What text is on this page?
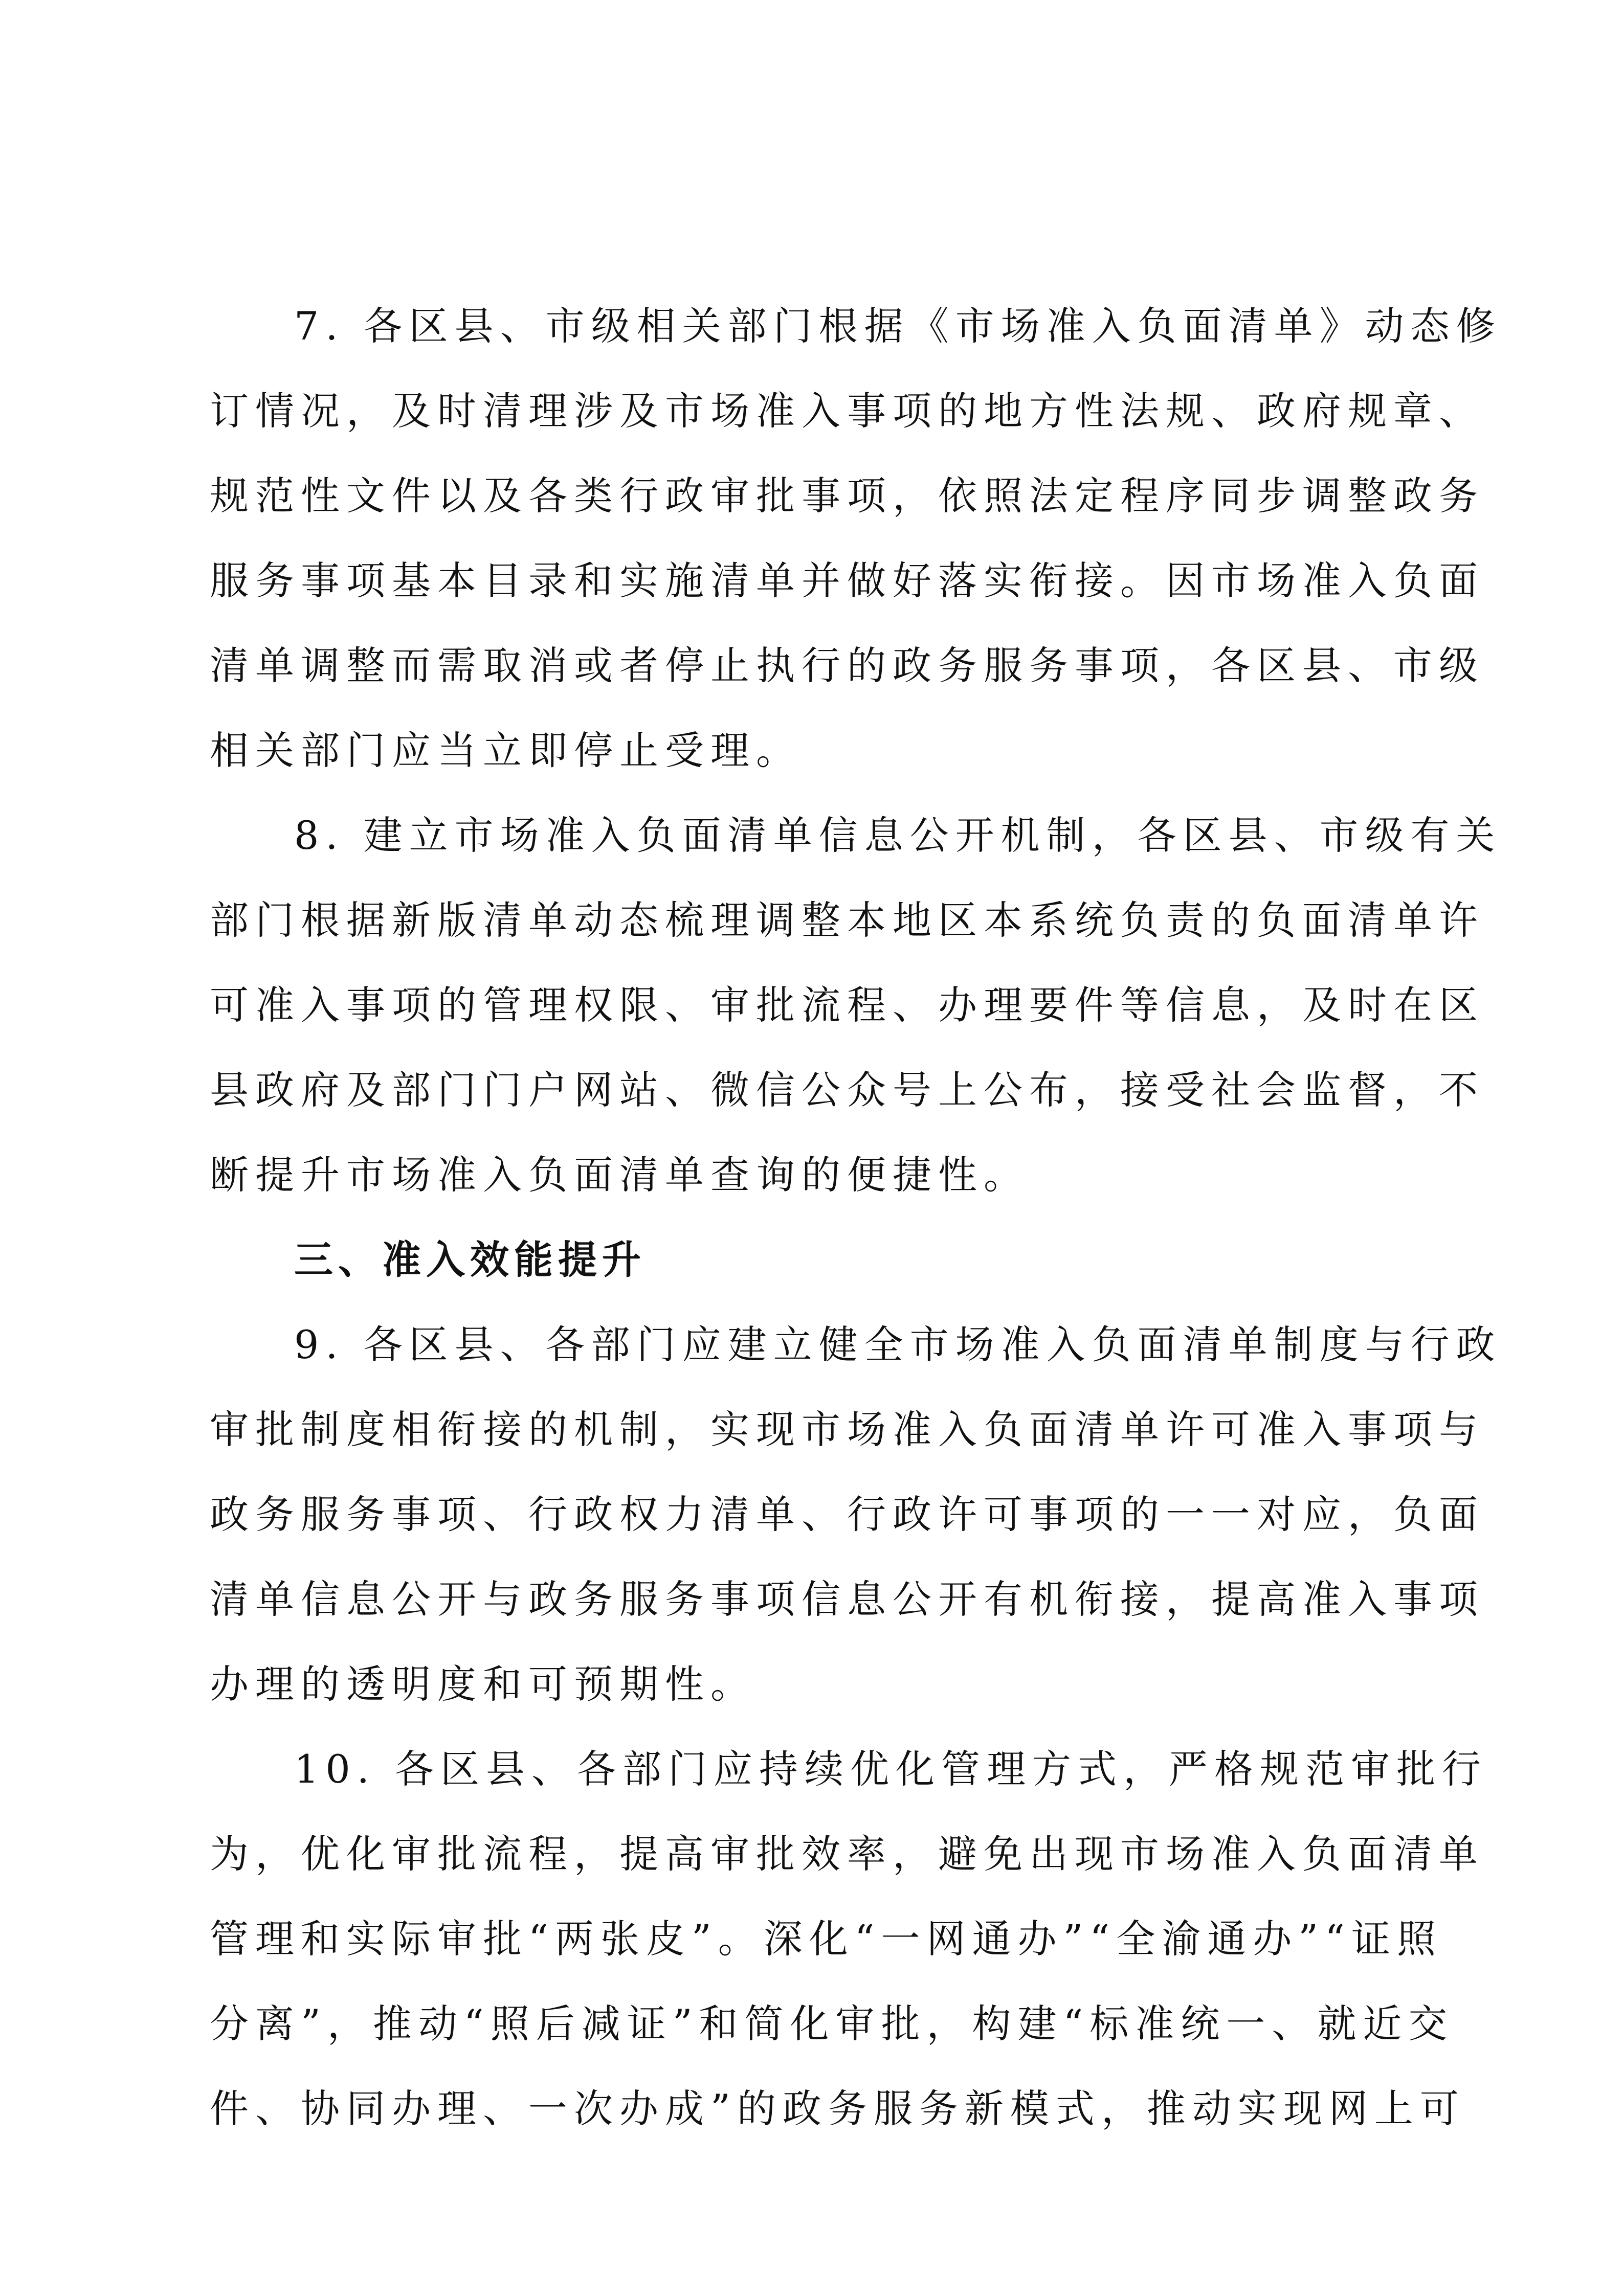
7. 各区县、市级相关部门根据《市场准入负面清单》动态修
订情况，及时清理涉及市场准入事项的地方性法规、政府规章、
规范性文件以及各类行政审批事项，依照法定程序同步调整政务
服务事项基本目录和实施清单并做好落实衔接。因市场准入负面
清单调整而需取消或者停止执行的政务服务事项，各区县、市级
相关部门应当立即停止受理。
8. 建立市场准入负面清单信息公开机制，各区县、市级有关
部门根据新版清单动态梳理调整本地区本系统负责的负面清单许
可准入事项的管理权限、审批流程、办理要件等信息，及时在区
县政府及部门门户网站、微信公众号上公布，接受社会监督，不
断提升市场准入负面清单查询的便捷性。
三、准入效能提升
9. 各区县、各部门应建立健全市场准入负面清单制度与行政
审批制度相衔接的机制，实现市场准入负面清单许可准入事项与
政务服务事项、行政权力清单、行政许可事项的一一对应，负面
清单信息公开与政务服务事项信息公开有机衔接，提高准入事项
办理的透明度和可预期性。
10. 各区县、各部门应持续优化管理方式，严格规范审批行
为，优化审批流程，提高审批效率，避免出现市场准入负面清单
管理和实际审批“两张皮”。深化“一网通办”“全渝通办”“证照
分离”，推动“照后减证”和简化审批，构建“标准统一、就近交
件、协同办理、一次办成”的政务服务新模式，推动实现网上可
